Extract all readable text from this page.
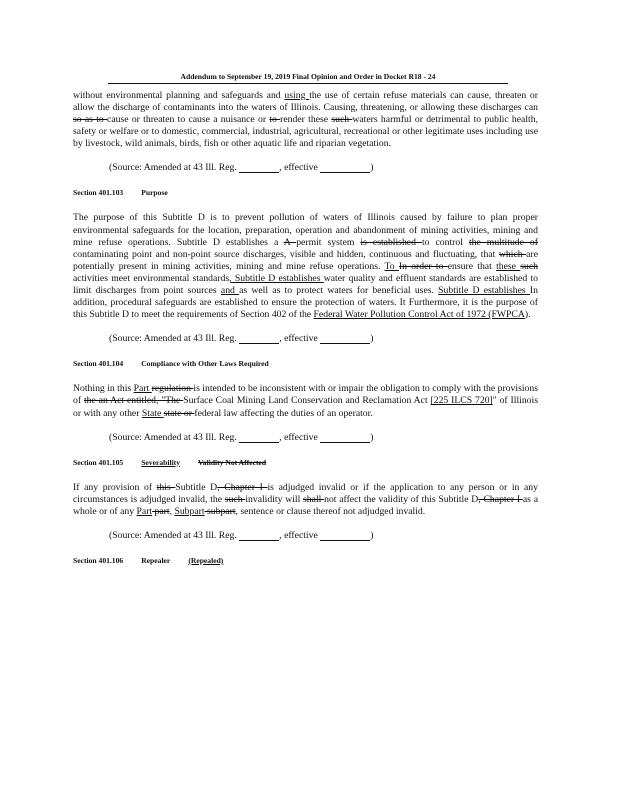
Addendum to September 19, 2019 Final Opinion and Order in Docket R18 - 24

without environmental planning and safeguards and using the use of certain refuse materials can cause, threaten or allow the discharge of contaminants into the waters of Illinois. Causing, threatening, or allowing these discharges can so as to cause or threaten to cause a nuisance or to render these such waters harmful or detrimental to public health, safety or welfare or to domestic, commercial, industrial, agricultural, recreational or other legitimate uses including use by livestock, wild animals, birds, fish or other aquatic life and riparian vegetation.

(Source: Amended at 43 Ill. Reg.	, effective	)
Section 401.103 Purpose

The purpose of this Subtitle D is to prevent pollution of waters of Illinois caused by failure to plan proper environmental safeguards for the location, preparation, operation and abandonment of mining activities, mining and mine refuse operations. Subtitle D establishes a A permit system is established to control the multitude of contaminating point and non-point source discharges, visible and hidden, continuous and fluctuating, that which are potentially present in mining activities, mining and mine refuse operations. To In order to ensure that these such activities meet environmental standards, Subtitle D establishes water quality and effluent standards are established to limit discharges from point sources and as well as to protect waters for beneficial uses. Subtitle D establishes In addition, procedural safeguards are established to ensure the protection of waters. It Furthermore, it is the purpose of this Subtitle D to meet the requirements of Section 402 of the Federal Water Pollution Control Act of 1972 (FWPCA).

(Source: Amended at 43 Ill. Reg.	, effective	)
Section 401.104 Compliance with Other Laws Required

Nothing in this Part regulation is intended to be inconsistent with or impair the obligation to comply with the provisions of the an Act entitled, "The Surface Coal Mining Land Conservation and Reclamation Act [225 ILCS 720]" of Illinois or with any other State state or federal law affecting the duties of an operator.

(Source: Amended at 43 Ill. Reg.	, effective	)
Section 401.105 Severability Validity Not Affected

If any provision of this Subtitle D, Chapter I is adjudged invalid or if the application to any person or in any circumstances is adjudged invalid, the such invalidity will shall not affect the validity of this Subtitle D, Chapter I as a whole or of any Part part, Subpart subpart, sentence or clause thereof not adjudged invalid.

(Source: Amended at 43 Ill. Reg.	, effective	)
Section 401.106 Repealer (Repealed)
